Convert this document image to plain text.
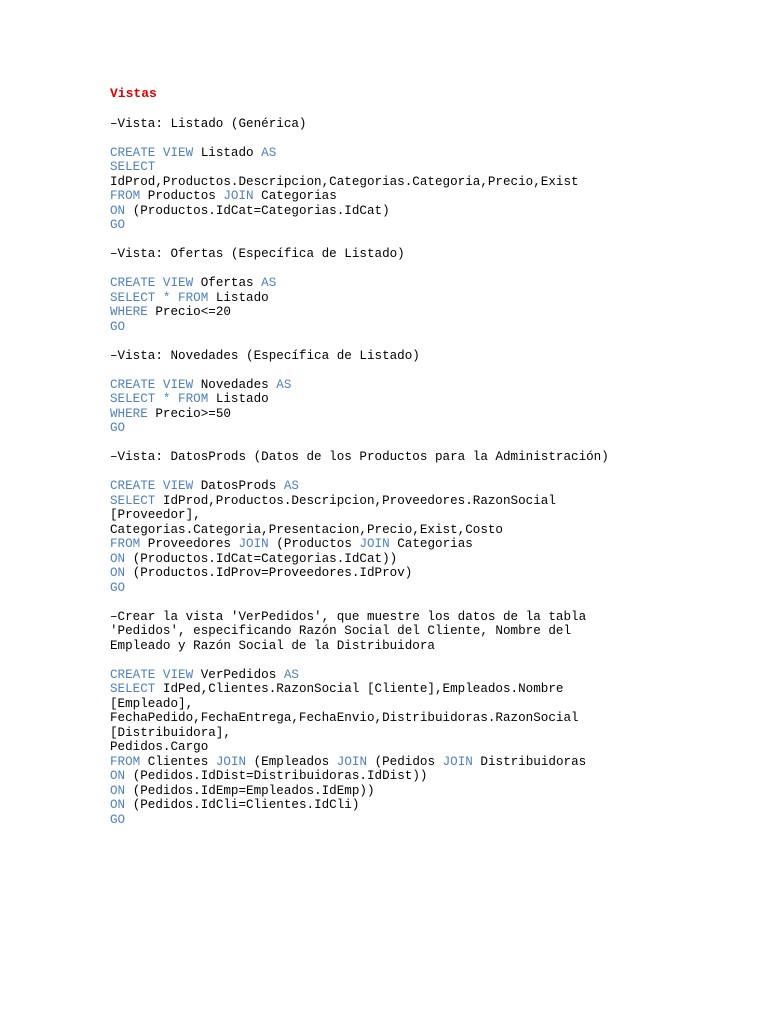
Vistas
–Vista: Listado (Genérica)
CREATE VIEW Listado AS
SELECT
IdProd,Productos.Descripcion,Categorias.Categoria,Precio,Exist
FROM Productos JOIN Categorias
ON (Productos.IdCat=Categorias.IdCat)
GO
–Vista: Ofertas (Específica de Listado)
CREATE VIEW Ofertas AS
SELECT * FROM Listado
WHERE Precio<=20
GO
–Vista: Novedades (Específica de Listado)
CREATE VIEW Novedades AS
SELECT * FROM Listado
WHERE Precio>=50
GO
–Vista: DatosProds (Datos de los Productos para la Administración)
CREATE VIEW DatosProds AS
SELECT IdProd,Productos.Descripcion,Proveedores.RazonSocial
[Proveedor],
Categorias.Categoria,Presentacion,Precio,Exist,Costo
FROM Proveedores JOIN (Productos JOIN Categorias
ON (Productos.IdCat=Categorias.IdCat))
ON (Productos.IdProv=Proveedores.IdProv)
GO
–Crear la vista 'VerPedidos', que muestre los datos de la tabla
'Pedidos', especificando Razón Social del Cliente, Nombre del
Empleado y Razón Social de la Distribuidora
CREATE VIEW VerPedidos AS
SELECT IdPed,Clientes.RazonSocial [Cliente],Empleados.Nombre
[Empleado],
FechaPedido,FechaEntrega,FechaEnvio,Distribuidoras.RazonSocial
[Distribuidora],
Pedidos.Cargo
FROM Clientes JOIN (Empleados JOIN (Pedidos JOIN Distribuidoras
ON (Pedidos.IdDist=Distribuidoras.IdDist))
ON (Pedidos.IdEmp=Empleados.IdEmp))
ON (Pedidos.IdCli=Clientes.IdCli)
GO
